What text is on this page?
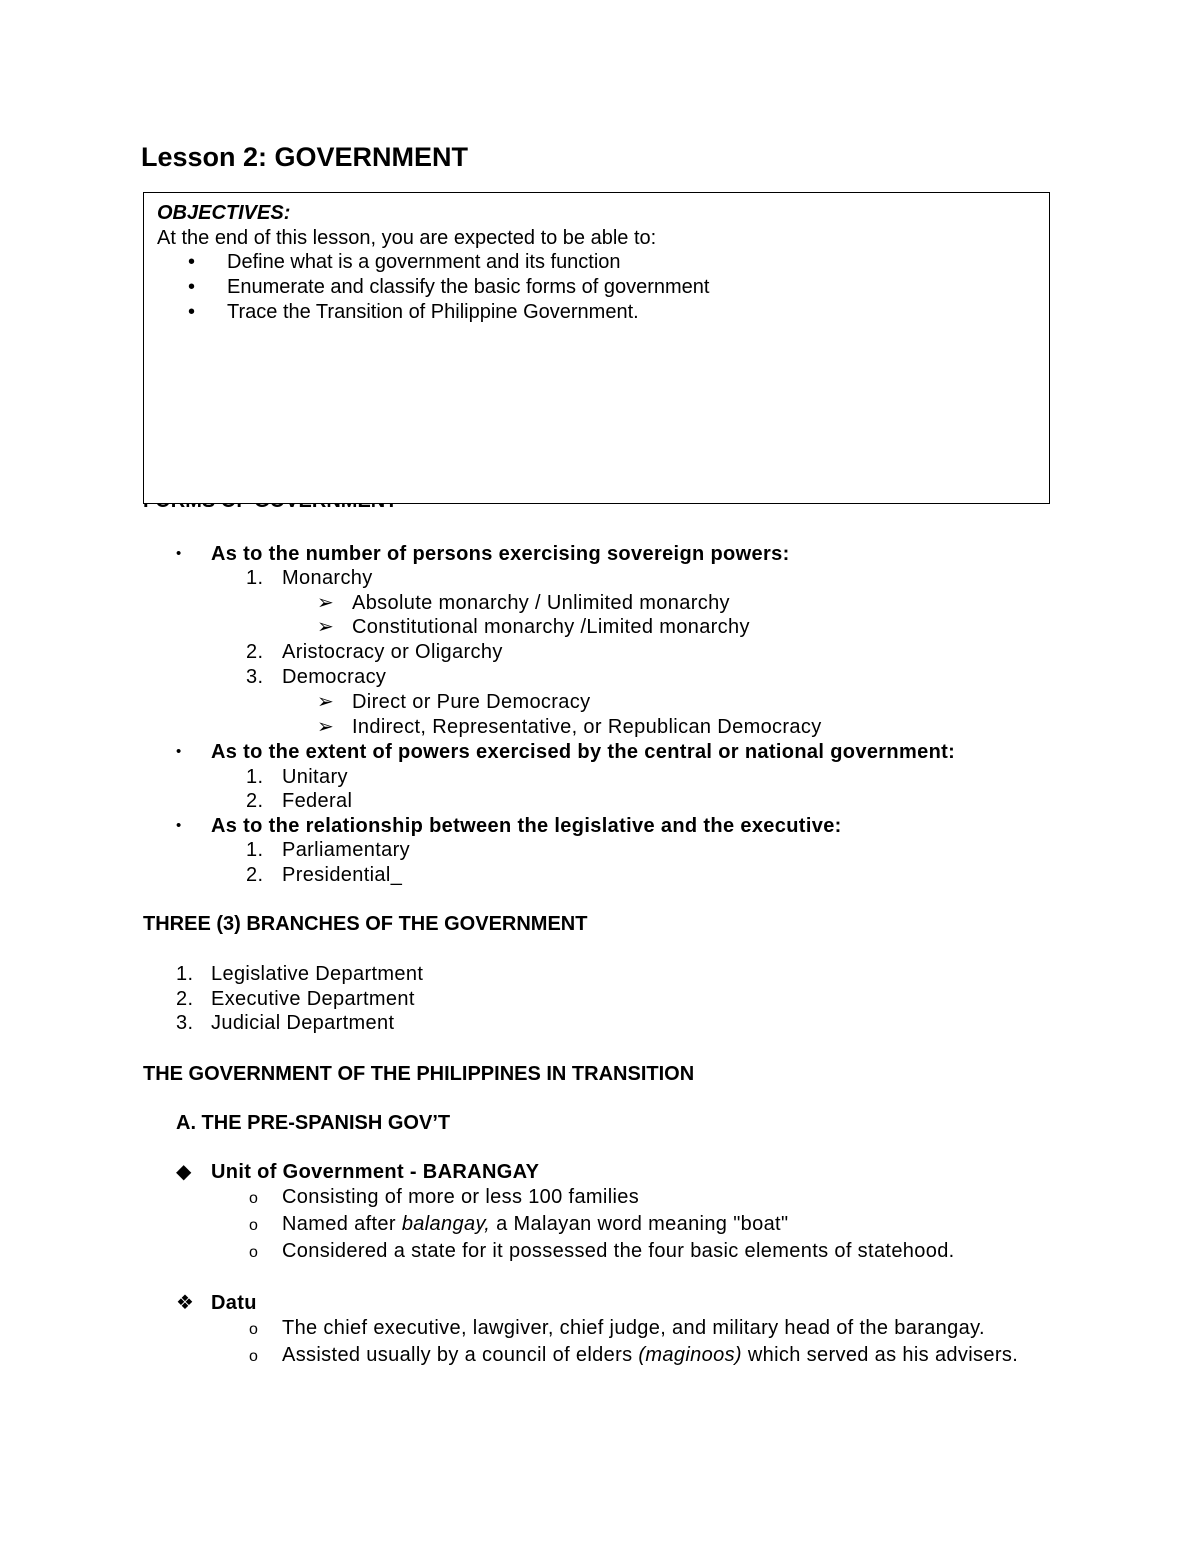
Lesson 2: GOVERNMENT
OBJECTIVES:
At the end of this lesson, you are expected to be able to:
• Define what is a government and its function
• Enumerate and classify the basic forms of government
• Trace the Transition of Philippine Government.
• As to the number of persons exercising sovereign powers:
1. Monarchy
➢ Absolute monarchy / Unlimited monarchy
➢ Constitutional monarchy /Limited monarchy
2. Aristocracy or Oligarchy
3. Democracy
➢ Direct or Pure Democracy
➢ Indirect, Representative, or Republican Democracy
• As to the extent of powers exercised by the central or national government:
1. Unitary
2. Federal
• As to the relationship between the legislative and the executive:
1. Parliamentary
2. Presidential_
THREE (3) BRANCHES OF THE GOVERNMENT
1. Legislative Department
2. Executive Department
3. Judicial Department
THE GOVERNMENT OF THE PHILIPPINES IN TRANSITION
A. THE PRE-SPANISH GOV’T
◆ Unit of Government - BARANGAY
o Consisting of more or less 100 families
o Named after balangay, a Malayan word meaning "boat"
o Considered a state for it possessed the four basic elements of statehood.
❖ Datu
o The chief executive, lawgiver, chief judge, and military head of the barangay.
o Assisted usually by a council of elders (maginoos) which served as his advisers.
